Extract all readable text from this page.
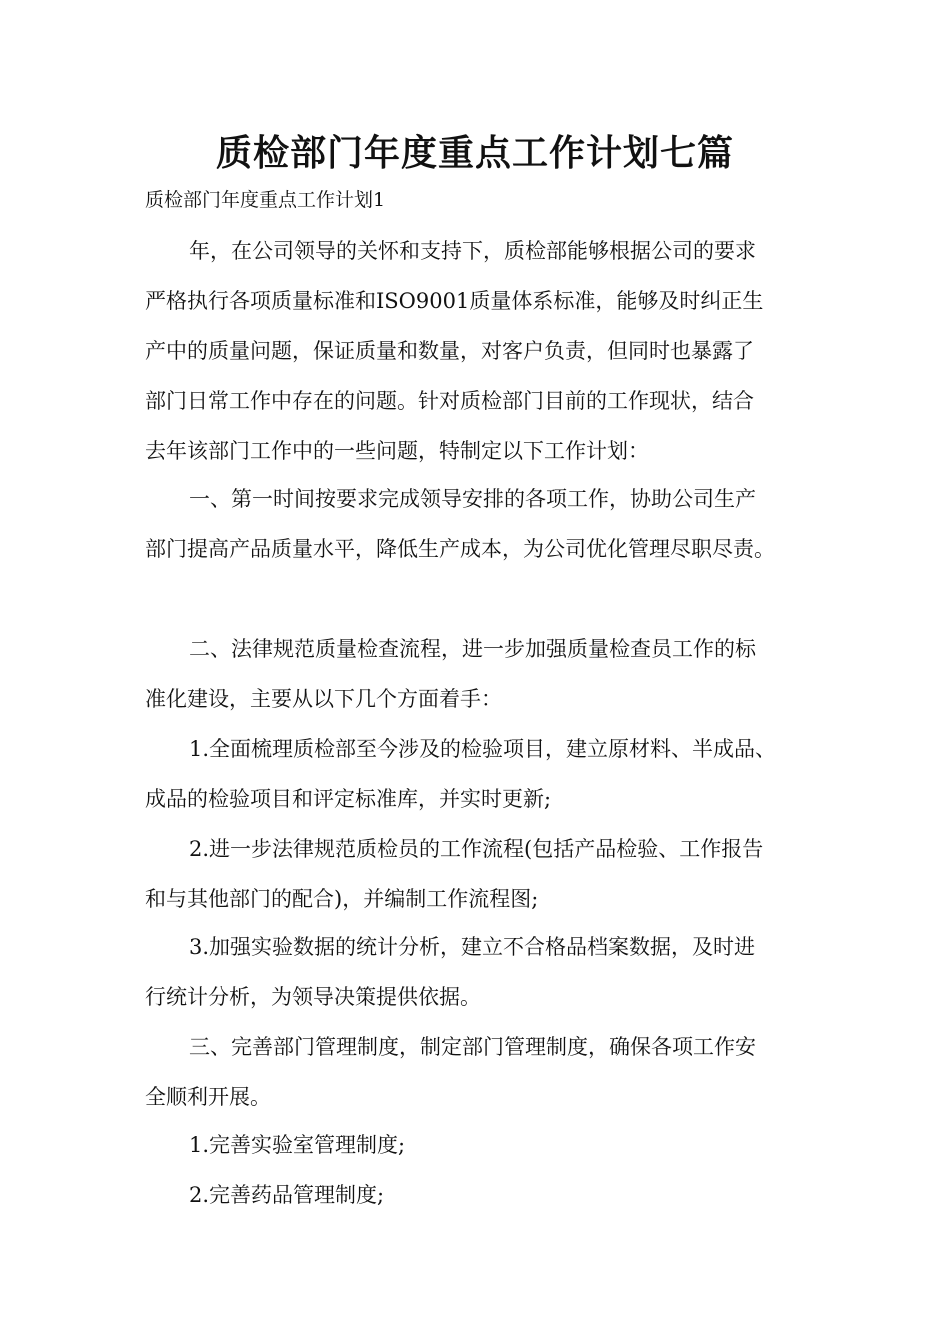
质检部门年度重点工作计划七篇

质检部门年度重点工作计划1

年，在公司领导的关怀和支持下，质检部能够根据公司的要求
严格执行各项质量标准和ISO9001质量体系标准，能够及时纠正生
产中的质量问题，保证质量和数量，对客户负责，但同时也暴露了
部门日常工作中存在的问题。针对质检部门目前的工作现状，结合
去年该部门工作中的一些问题，特制定以下工作计划：

一、第一时间按要求完成领导安排的各项工作，协助公司生产
部门提高产品质量水平，降低生产成本，为公司优化管理尽职尽责。

二、法律规范质量检查流程，进一步加强质量检查员工作的标
准化建设，主要从以下几个方面着手：

1.全面梳理质检部至今涉及的检验项目，建立原材料、半成品、
成品的检验项目和评定标准库，并实时更新;

2.进一步法律规范质检员的工作流程(包括产品检验、工作报告
和与其他部门的配合)，并编制工作流程图;

3.加强实验数据的统计分析，建立不合格品档案数据，及时进
行统计分析，为领导决策提供依据。

三、完善部门管理制度，制定部门管理制度，确保各项工作安
全顺利开展。

1.完善实验室管理制度;

2.完善药品管理制度;
